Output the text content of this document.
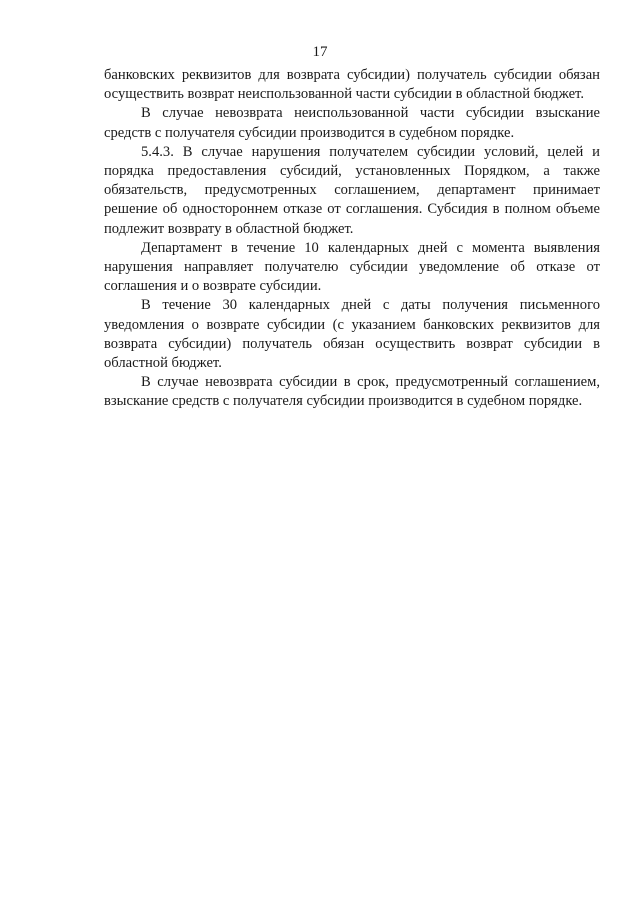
17

банковских реквизитов для возврата субсидии) получатель субсидии обязан осуществить возврат неиспользованной части субсидии в областной бюджет.

В случае невозврата неиспользованной части субсидии взыскание средств с получателя субсидии производится в судебном порядке.

5.4.3. В случае нарушения получателем субсидии условий, целей и порядка предоставления субсидий, установленных Порядком, а также обязательств, предусмотренных соглашением, департамент принимает решение об одностороннем отказе от соглашения. Субсидия в полном объеме подлежит возврату в областной бюджет.

Департамент в течение 10 календарных дней с момента выявления нарушения направляет получателю субсидии уведомление об отказе от соглашения и о возврате субсидии.

В течение 30 календарных дней с даты получения письменного уведомления о возврате субсидии (с указанием банковских реквизитов для возврата субсидии) получатель обязан осуществить возврат субсидии в областной бюджет.

В случае невозврата субсидии в срок, предусмотренный соглашением, взыскание средств с получателя субсидии производится в судебном порядке.
